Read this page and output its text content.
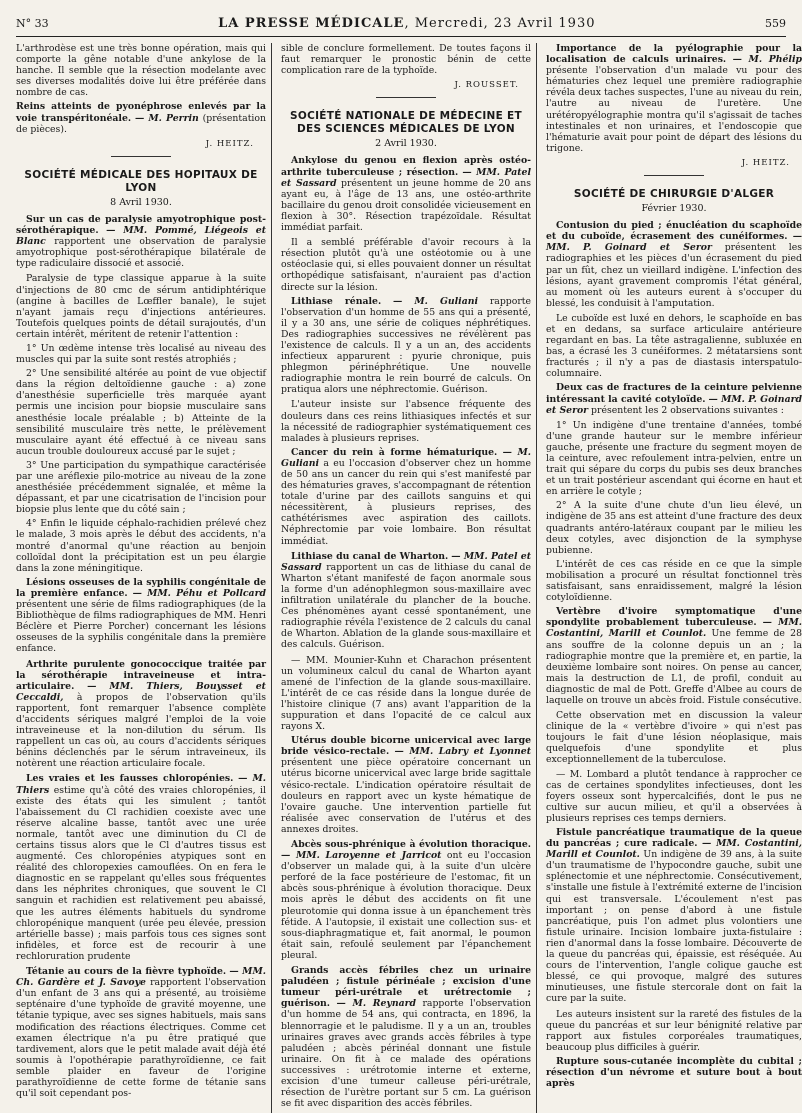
N° 33	LA PRESSE MÉDICALE, Mercredi, 23 Avril 1930	559

L'arthrodèse est une très bonne opération, mais qui comporte la gêne notable d'une ankylose de la hanche. Il semble que la résection modelante avec ses diverses modalités doive lui être préférée dans nombre de cas.

Reins atteints de pyonéphrose enlevés par la voie transpéritonéale. — M. Perrin (présentation de pièces).

J. HEITZ.
SOCIÉTÉ MÉDICALE DES HOPITAUX DE LYON
8 Avril 1930.

Sur un cas de paralysie amyotrophique post-sérothérapique. — MM. Pommé, Liégeois et Blanc rapportent une observation de paralysie amyotrophique post-sérothérapique bilatérale de type radiculaire dissocié et associé.

Paralysie de type classique apparue à la suite d'injections de 80 cmc de sérum antidiphtérique (angine à bacilles de Lœffler banale), le sujet n'ayant jamais reçu d'injections antérieures. Toutefois quelques points de détail surajoutés, d'un certain intérêt, méritent de retenir l'attention :

1° Un œdème intense très localisé au niveau des muscles qui par la suite sont restés atrophiés ;

2° Une sensibilité altérée au point de vue objectif dans la région deltoïdienne gauche : a) zone d'anesthésie superficielle très marquée ayant permis une incision pour biopsie musculaire sans anesthésie locale préalable ; b) Atteinte de la sensibilité musculaire très nette, le prélèvement musculaire ayant été effectué à ce niveau sans aucun trouble douloureux accusé par le sujet ;

3° Une participation du sympathique caractérisée par une aréflexie pilo-motrice au niveau de la zone anesthésiée précédemment signalée, et même la dépassant, et par une cicatrisation de l'incision pour biopsie plus lente que du côté sain ;

4° Enfin le liquide céphalo-rachidien prélevé chez le malade, 3 mois après le début des accidents, n'a montré d'anormal qu'une réaction au benjoin colloïdal dont la précipitation est un peu élargie dans la zone méningitique.

Lésions osseuses de la syphilis congénitale de la première enfance. — MM. Péhu et Pollcard présentent une série de films radiographiques (de la Bibliothèque de films radiographiques de MM. Henri Béclère et Pierre Porcher) concernant les lésions osseuses de la syphilis congénitale dans la première enfance.

Arthrite purulente gonococcique traitée par la sérothérapie intraveineuse et intra-articulaire. — MM. Thiers, Bouysset et Ceccaldi, à propos de l'observation qu'ils rapportent, font remarquer l'absence complète d'accidents sériques malgré l'emploi de la voie intraveineuse et la non-dilution du sérum. Ils rappellent un cas où, au cours d'accidents sériques bénins déclenchés par le sérum intraveineux, ils notèrent une réaction articulaire focale.

Les vraies et les fausses chloropénies. — M. Thiers estime qu'à côté des vraies chloropénies, il existe des états qui les simulent ; tantôt l'abaissement du Cl rachidien coexiste avec une réserve alcaline basse, tantôt avec une urée normale, tantôt avec une diminution du Cl de certains tissus alors que le Cl d'autres tissus est augmenté. Ces chloropénies atypiques sont en réalité des chloropexies camouflées. On en fera le diagnostic en se rappelant qu'elles sous fréquentes dans les néphrites chroniques, que souvent le Cl sanguin et rachidien est relativement peu abaissé, que les autres éléments habituels du syndrome chloropénique manquent (urée peu élevée, pression artérielle basse) ; mais parfois tous ces signes sont infidèles, et force est de recourir à une rechloruration prudente

Tétanie au cours de la fièvre typhoïde. — MM. Ch. Gardère et J. Savoye rapportent l'observation d'un enfant de 3 ans qui a présenté, au troisième septénaire d'une typhoïde de gravité moyenne, une tétanie typique, avec ses signes habituels, mais sans modification des réactions électriques. Comme cet examen électrique n'a pu être pratiqué que tardivement, alors que le petit malade avait déjà été soumis à l'opothérapie parathyroïdienne, ce fait semble plaider en faveur de l'origine parathyroïdienne de cette forme de tétanie sans qu'il soit cependant pos-

sible de conclure formellement. De toutes façons il faut remarquer le pronostic bénin de cette complication rare de la typhoïde.

J. ROUSSET.
SOCIÉTÉ NATIONALE DE MÉDECINE ET DES SCIENCES MÉDICALES DE LYON
2 Avril 1930.

Ankylose du genou en flexion après ostéo-arthrite tuberculeuse ; résection. — MM. Patel et Sassard présentent un jeune homme de 20 ans ayant eu, à l'âge de 13 ans, une ostéo-arthrite bacillaire du genou droit consolidée vicieusement en flexion à 30°. Résection trapézoïdale. Résultat immédiat parfait.

Il a semblé préférable d'avoir recours à la résection plutôt qu'à une ostéotomie ou à une ostéoclasie qui, si elles pouvaient donner un résultat orthopédique satisfaisant, n'auraient pas d'action directe sur la lésion.

Lithiase rénale. — M. Guliani rapporte l'observation d'un homme de 55 ans qui a présenté, il y a 30 ans, une série de coliques néphrétiques. Des radiographies successives ne révélèrent pas l'existence de calculs. Il y a un an, des accidents infectieux apparurent : pyurie chronique, puis phlegmon périnéphrétique. Une nouvelle radiographie montra le rein bourré de calculs. On pratiqua alors une néphrectomie. Guérison.

L'auteur insiste sur l'absence fréquente des douleurs dans ces reins lithiasiques infectés et sur la nécessité de radiographier systématiquement ces malades à plusieurs reprises.

Cancer du rein à forme hématurique. — M. Guliani a eu l'occasion d'observer chez un homme de 50 ans un cancer du rein qui s'est manifesté par des hématuries graves, s'accompagnant de rétention totale d'urine par des caillots sanguins et qui nécessitèrent, à plusieurs reprises, des cathétérismes avec aspiration des caillots. Néphrectomie par voie lombaire. Bon résultat immédiat.

Lithiase du canal de Wharton. — MM. Patel et Sassard rapportent un cas de lithiase du canal de Wharton s'étant manifesté de façon anormale sous la forme d'un adénophlegmon sous-maxillaire avec infiltration unilatérale du plancher de la bouche. Ces phénomènes ayant cessé spontanément, une radiographie révéla l'existence de 2 calculs du canal de Wharton. Ablation de la glande sous-maxillaire et des calculs. Guérison.

— MM. Mounier-Kuhn et Charachon présentent un volumineux calcul du canal de Wharton ayant amené de l'infection de la glande sous-maxillaire. L'intérêt de ce cas réside dans la longue durée de l'histoire clinique (7 ans) avant l'apparition de la suppuration et dans l'opacité de ce calcul aux rayons X.

Utérus double bicorne unicervical avec large bride vésico-rectale. — MM. Labry et Lyonnet présentent une pièce opératoire concernant un utérus bicorne unicervical avec large bride sagittale vésico-rectale. L'indication opératoire résultait de douleurs en rapport avec un kyste hématique de l'ovaire gauche. Une intervention partielle fut réalisée avec conservation de l'utérus et des annexes droites.

Abcès sous-phrénique à évolution thoracique. — MM. Laroyenne et Jarricot ont eu l'occasion d'observer un malade qui, à la suite d'un ulcère perforé de la face postérieure de l'estomac, fit un abcès sous-phrénique à évolution thoracique. Deux mois après le début des accidents on fit une pleurotomie qui donna issue à un épanchement très fétide. A l'autopsie, il existait une collection sus- et sous-diaphragmatique et, fait anormal, le poumon était sain, refoulé seulement par l'épanchement pleural.

Grands accès fébriles chez un urinaire paludéen ; fistule périnéale ; excision d'une tumeur péri-urétrale et urétrectomie ; guérison. — M. Reynard rapporte l'observation d'un homme de 54 ans, qui contracta, en 1896, la blennorragie et le paludisme. Il y a un an, troubles urinaires graves avec grands accès fébriles à type paludéen ; abcès périnéal donnant une fistule urinaire. On fit à ce malade des opérations successives : urétrotomie interne et externe, excision d'une tumeur calleuse péri-urétrale, résection de l'urètre portant sur 5 cm. La guérison se fit avec disparition des accès fébriles.

Importance de la pyélographie pour la localisation de calculs urinaires. — M. Phélip présente l'observation d'un malade vu pour des hématuries chez lequel une première radiographie révéla deux taches suspectes, l'une au niveau du rein, l'autre au niveau de l'uretère. Une urétéropyélographie montra qu'il s'agissait de taches intestinales et non urinaires, et l'endoscopie que l'hématurie avait pour point de départ des lésions du trigone.

J. HEITZ.
SOCIÉTÉ DE CHIRURGIE D'ALGER
Février 1930.

Contusion du pied ; énucléation du scaphoïde et du cuboïde, écrasement des cunéiformes. — MM. P. Goinard et Seror présentent les radiographies et les pièces d'un écrasement du pied par un fût, chez un vieillard indigène. L'infection des lésions, ayant gravement compromis l'état général, au moment où les auteurs eurent à s'occuper du blessé, les conduisit à l'amputation.

Le cuboïde est luxé en dehors, le scaphoïde en bas et en dedans, sa surface articulaire antérieure regardant en bas. La tête astragalienne, subluxée en bas, a écrasé les 3 cunéiformes. 2 métatarsiens sont fracturés ; il n'y a pas de diastasis interspatulo-columnaire.

Deux cas de fractures de la ceinture pelvienne intéressant la cavité cotyloïde. — MM. P. Goinard et Seror présentent les 2 observations suivantes :

1° Un indigène d'une trentaine d'années, tombé d'une grande hauteur sur le membre inférieur gauche, présente une fracture du segment moyen de la ceinture, avec refoulement intra-pelvien, entre un trait qui sépare du corps du pubis ses deux branches et un trait postérieur ascendant qui écorne en haut et en arrière le cotyle ;

2° A la suite d'une chute d'un lieu élevé, un indigène de 35 ans est atteint d'une fracture des deux quadrants antéro-latéraux coupant par le milieu les deux cotyles, avec disjonction de la symphyse pubienne.

L'intérêt de ces cas réside en ce que la simple mobilisation a procuré un résultat fonctionnel très satisfaisant, sans enraidissement, malgré la lésion cotyloïdienne.

Vertèbre d'ivoire symptomatique d'une spondylite probablement tuberculeuse. — MM. Costantini, Marill et Counlot. Une femme de 28 ans souffre de la colonne depuis un an ; la radiographie montre que la première et, en partie, la deuxième lombaire sont noires. On pense au cancer, mais la destruction de L1, de profil, conduit au diagnostic de mal de Pott. Greffe d'Albee au cours de laquelle on trouve un abcès froid. Fistule consécutive.

Cette observation met en discussion la valeur clinique de la « vertèbre d'ivoire » qui n'est pas toujours le fait d'une lésion néoplasique, mais quelquefois d'une spondylite et plus exceptionnellement de la tuberculose.

— M. Lombard a plutôt tendance à rapprocher ce cas de certaines spondylites infectieuses, dont les foyers osseux sont hypercalcifiés, dont le pus ne cultive sur aucun milieu, et qu'il a observées à plusieurs reprises ces temps derniers.

Fistule pancréatique traumatique de la queue du pancréas ; cure radicale. — MM. Costantini, Marill et Counlot. Un indigène de 39 ans, à la suite d'un traumatisme de l'hypocondre gauche, subit une splénectomie et une néphrectomie. Consécutivement, s'installe une fistule à l'extrémité externe de l'incision qui est transversale. L'écoulement n'est pas important ; on pense d'abord à une fistule pancréatique, puis l'on admet plus volontiers une fistule urinaire. Incision lombaire juxta-fistulaire : rien d'anormal dans la fosse lombaire. Découverte de la queue du pancréas qui, épaissie, est réséquée. Au cours de l'intervention, l'angle colique gauche est blessé, ce qui provoque, malgré des sutures minutieuses, une fistule stercorale dont on fait la cure par la suite.

Les auteurs insistent sur la rareté des fistules de la queue du pancréas et sur leur bénignité relative par rapport aux fistules corporéales traumatiques, beaucoup plus difficiles à guérir.

Rupture sous-cutanée incomplète du cubital ; résection d'un névrome et suture bout à bout après
